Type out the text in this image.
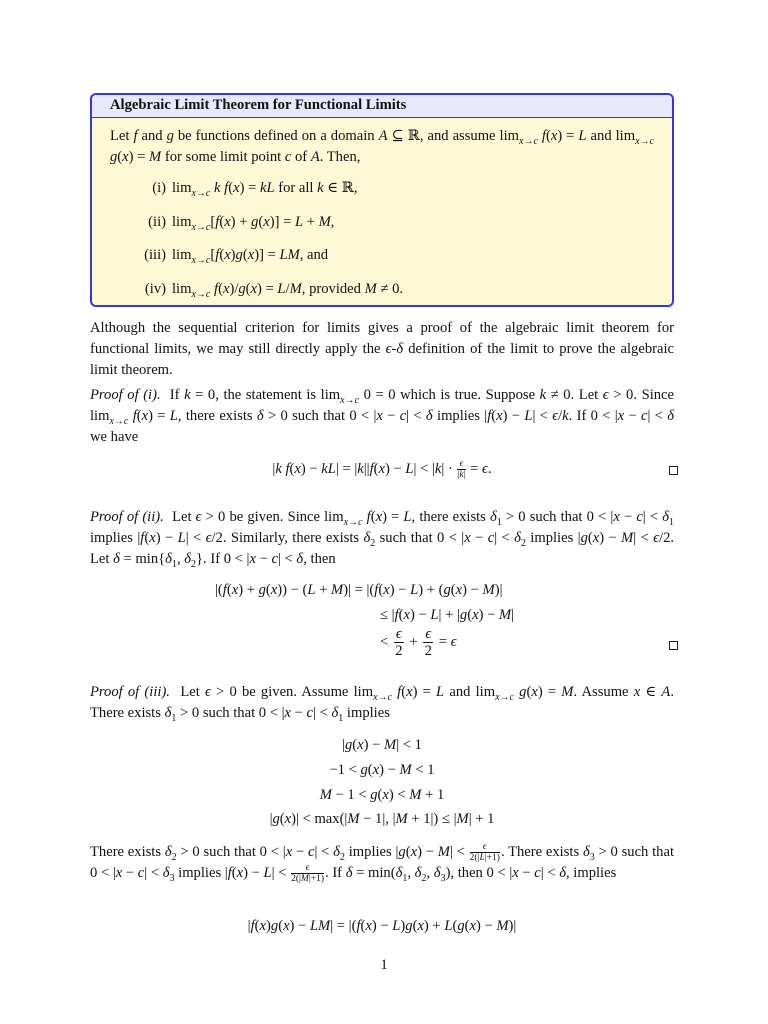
Algebraic Limit Theorem for Functional Limits
Let f and g be functions defined on a domain A ⊆ ℝ, and assume $\lim_{x\to c} f(x) = L$ and $\lim_{x\to c} g(x) = M$ for some limit point c of A. Then,
(i) $\lim_{x\to c} k$ f(x) = kL for all k ∈ ℝ,
(ii) $\lim_{x\to c}[f(x) + g(x)] = L + M$,
(iii) $\lim_{x\to c}[f(x)g(x)]$ = LM, and
(iv) $\lim_{x\to c} f(x)/g(x) = L/M$, provided M ≠ 0.
Although the sequential criterion for limits gives a proof of the algebraic limit theorem for functional limits, we may still directly apply the ϵ-δ definition of the limit to prove the algebraic limit theorem.
Proof of (i).  If k = 0, the statement is $\lim_{x\to c} 0 = 0$ which is true. Suppose k ≠ 0. Let ϵ > 0. Since $\lim_{x\to c} f(x) = L$, there exists δ > 0 such that 0 < |x − c| < δ implies |f(x) − L| < ϵ/k. If 0 < |x − c| < δ we have
|k $f(x) - kL| = |k||f(x) - L| < |k| \cdot \frac{\epsilon}{|k|} = \epsilon$.
Proof of (ii).  Let ϵ > 0 be given. Since $\lim_{x\to c} f(x) = L$, there exists $\delta_1 > 0$ such that $0 < |x - c| < \delta_1$ implies |f(x) − L| < ϵ/2. Similarly, there exists $\delta_2$ such that $0 < |x - c| < \delta_2$ implies |g(x) − M| < ϵ/2. Let $\delta = \min\{\delta_1$, $\delta_2$}. If 0 < |x − c| < δ, then
|(f(x) + g(x)) − (L + M)| = |(f(x) − L) + (g(x) − M)|
≤ |f(x) − L| + |g(x) − M|
< $\frac{\epsilon}{2} + \frac{\epsilon}{2} = \epsilon$
Proof of (iii).  Let ϵ > 0 be given. Assume $\lim_{x\to c} f(x) = L$ and $\lim_{x\to c} g(x) = M$. Assume x ∈ A. There exists $\delta_1 > 0$ such that $0 < |x - c| < \delta_1$ implies
|g(x) − M| < 1
−1 < g(x) − M < 1
M − 1 < g(x) < M + 1
|g(x)| < max(|M − 1|, |M + 1|) ≤ |M| + 1
There exists $\delta_2 > 0$ such that $0 < |x - c| < \delta_2$ implies $|g(x) - M| < \frac{\epsilon}{2(|L|+1)}$ . There exists $\delta_3 > 0$ such that $0 < |x - c| < \delta_3$ implies $|f(x) - L| < \frac{\epsilon}{2(|M|+1)}$ . If $\delta = \min(\delta_1$, $\delta_2$, $\delta_3$), then 0 < |x − c| < δ, implies
|f(x)g(x) − LM| = |(f(x) − L)g(x) + L(g(x) − M)|
1
